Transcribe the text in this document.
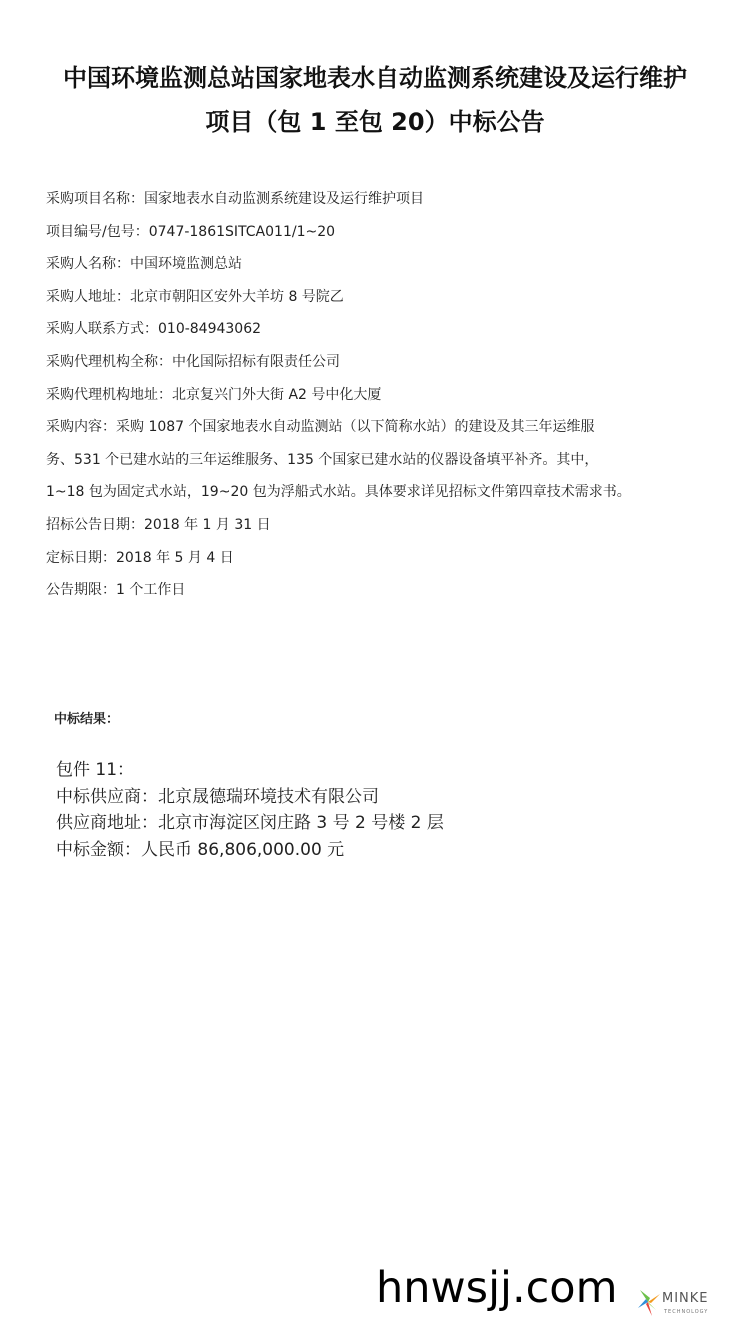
中国环境监测总站国家地表水自动监测系统建设及运行维护
项目（包 1 至包 20）中标公告
采购项目名称：国家地表水自动监测系统建设及运行维护项目
项目编号/包号：0747-1861SITCA011/1~20
采购人名称：中国环境监测总站
采购人地址：北京市朝阳区安外大羊坊 8 号院乙
采购人联系方式：010-84943062
采购代理机构全称：中化国际招标有限责任公司
采购代理机构地址：北京复兴门外大街 A2 号中化大厦
采购内容：采购 1087 个国家地表水自动监测站（以下简称水站）的建设及其三年运维服
务、531 个已建水站的三年运维服务、135 个国家已建水站的仪器设备填平补齐。其中，
1~18 包为固定式水站，19~20 包为浮船式水站。具体要求详见招标文件第四章技术需求书。
招标公告日期：2018 年 1 月 31 日
定标日期：2018 年 5 月 4 日
公告期限：1 个工作日
中标结果：
包件 11：
中标供应商：北京晟德瑞环境技术有限公司
供应商地址：北京市海淀区闵庄路 3 号 2 号楼 2 层
中标金额：人民币 86,806,000.00 元
hnwsjj.com	MINKE
TECHNOLOGY
